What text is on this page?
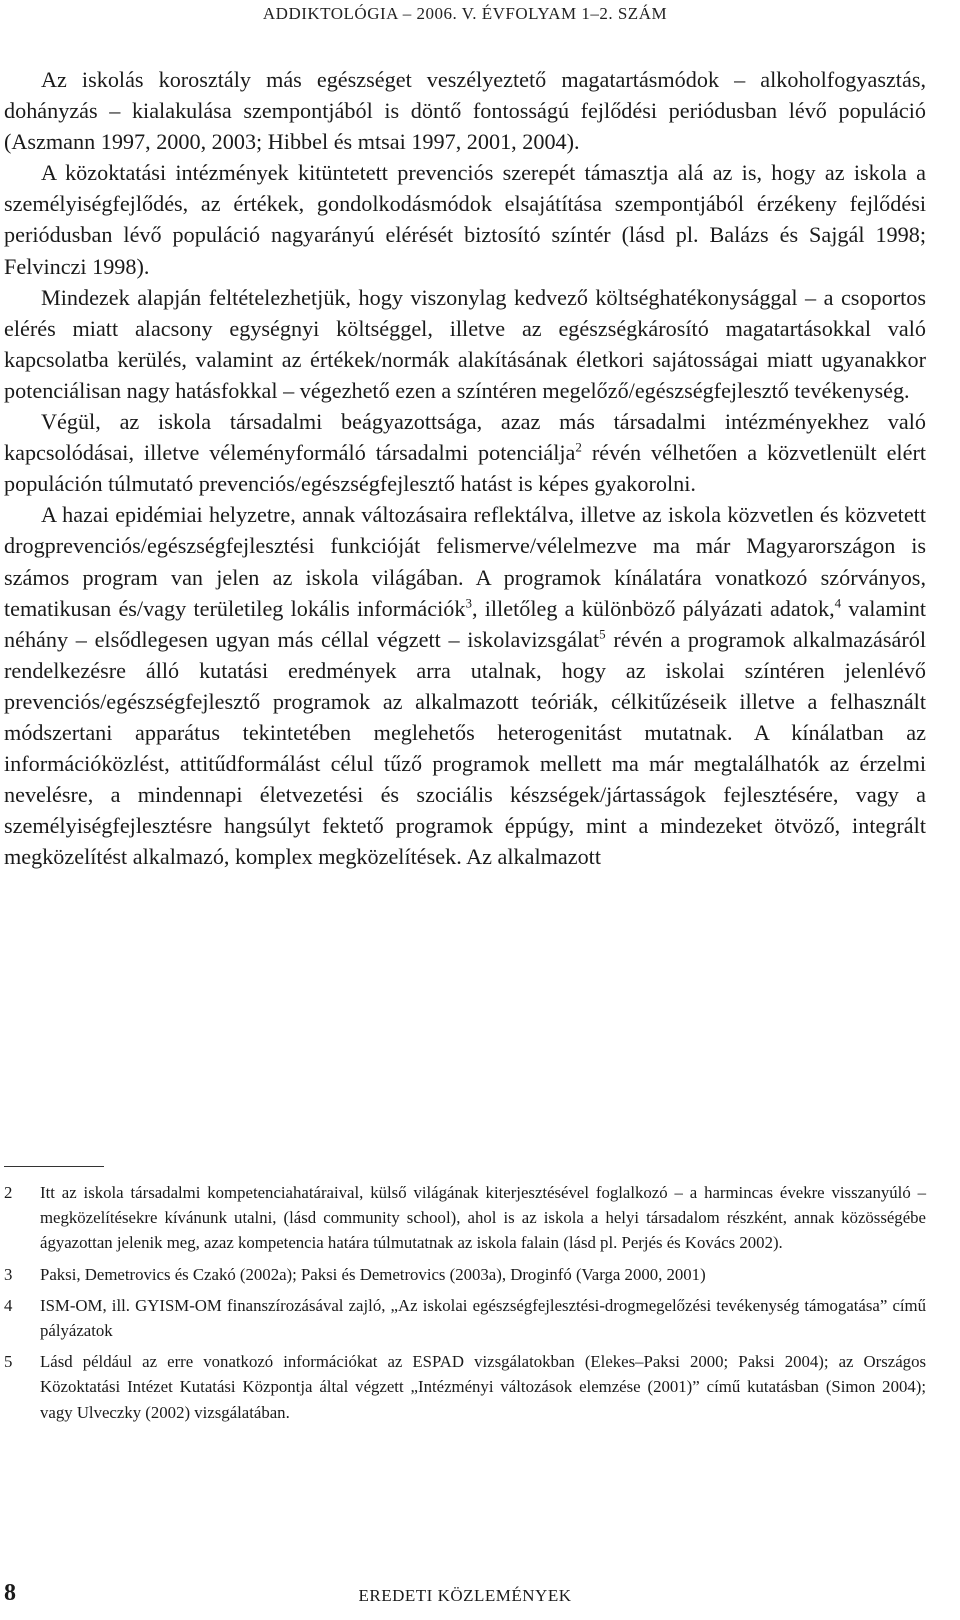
ADDIKTOLÓGIA – 2006. V. ÉVFOLYAM 1–2. SZÁM

Az iskolás korosztály más egészséget veszélyeztető magatartásmódok – alkoholfogyasztás, dohányzás – kialakulása szempontjából is döntő fontosságú fejlődési periódusban lévő populáció (Aszmann 1997, 2000, 2003; Hibbel és mtsai 1997, 2001, 2004).

A közoktatási intézmények kitüntetett prevenciós szerepét támasztja alá az is, hogy az iskola a személyiségfejlődés, az értékek, gondolkodásmódok elsajátítása szempontjából érzékeny fejlődési periódusban lévő populáció nagyarányú elérését biztosító színtér (lásd pl. Balázs és Sajgál 1998; Felvinczi 1998).

Mindezek alapján feltételezhetjük, hogy viszonylag kedvező költséghatékonysággal – a csoportos elérés miatt alacsony egységnyi költséggel, illetve az egészségkárosító magatartásokkal való kapcsolatba kerülés, valamint az értékek/normák alakításának életkori sajátosságai miatt ugyanakkor potenciálisan nagy hatásfokkal – végezhető ezen a színtéren megelőző/egészségfejlesztő tevékenység.

Végül, az iskola társadalmi beágyazottsága, azaz más társadalmi intézményekhez való kapcsolódásai, illetve véleményformáló társadalmi potenciálja$^2$ révén vélhetően a közvetlenült elért populáción túlmutató prevenciós/egészségfejlesztő hatást is képes gyakorolni.

A hazai epidémiai helyzetre, annak változásaira reflektálva, illetve az iskola közvetlen és közvetett drogprevenciós/egészségfejlesztési funkcióját felismerve/vélelmezve ma már Magyarországon is számos program van jelen az iskola világában. A programok kínálatára vonatkozó szórványos, tematikusan és/vagy területileg lokális információk$^3$, illetőleg a különböző pályázati adatok,$^4$ valamint néhány – elsődlegesen ugyan más céllal végzett – iskolavizsgálat$^5$ révén a programok alkalmazásáról rendelkezésre álló kutatási eredmények arra utalnak, hogy az iskolai színtéren jelenlévő prevenciós/egészségfejlesztő programok az alkalmazott teóriák, célkitűzéseik illetve a felhasznált módszertani apparátus tekintetében meglehetős heterogenitást mutatnak. A kínálatban az információközlést, attitűdformálást célul tűző programok mellett ma már megtalálhatók az érzelmi nevelésre, a mindennapi életvezetési és szociális készségek/jártasságok fejlesztésére, vagy a személyiségfejlesztésre hangsúlyt fektető programok éppúgy, mint a mindezeket ötvöző, integrált megközelítést alkalmazó, komplex megközelítések. Az alkalmazott

2 Itt az iskola társadalmi kompetenciahatáraival, külső világának kiterjesztésével foglalkozó – a harmincas évekre visszanyúló – megközelítésekre kívánunk utalni, (lásd community school), ahol is az iskola a helyi társadalom részként, annak közösségébe ágyazottan jelenik meg, azaz kompetencia határa túlmutatnak az iskola falain (lásd pl. Perjés és Kovács 2002).
3 Paksi, Demetrovics és Czakó (2002a); Paksi és Demetrovics (2003a), Droginfó (Varga 2000, 2001)
4 ISM-OM, ill. GYISM-OM finanszírozásával zajló, „Az iskolai egészségfejlesztési-drogmegelőzési tevékenység támogatása” című pályázatok
5 Lásd például az erre vonatkozó információkat az ESPAD vizsgálatokban (Elekes–Paksi 2000; Paksi 2004); az Országos Közoktatási Intézet Kutatási Központja által végzett „Intézményi változások elemzése (2001)” című kutatásban (Simon 2004); vagy Ulveczky (2002) vizsgálatában.
8	EREDETI KÖZLEMÉNYEK
